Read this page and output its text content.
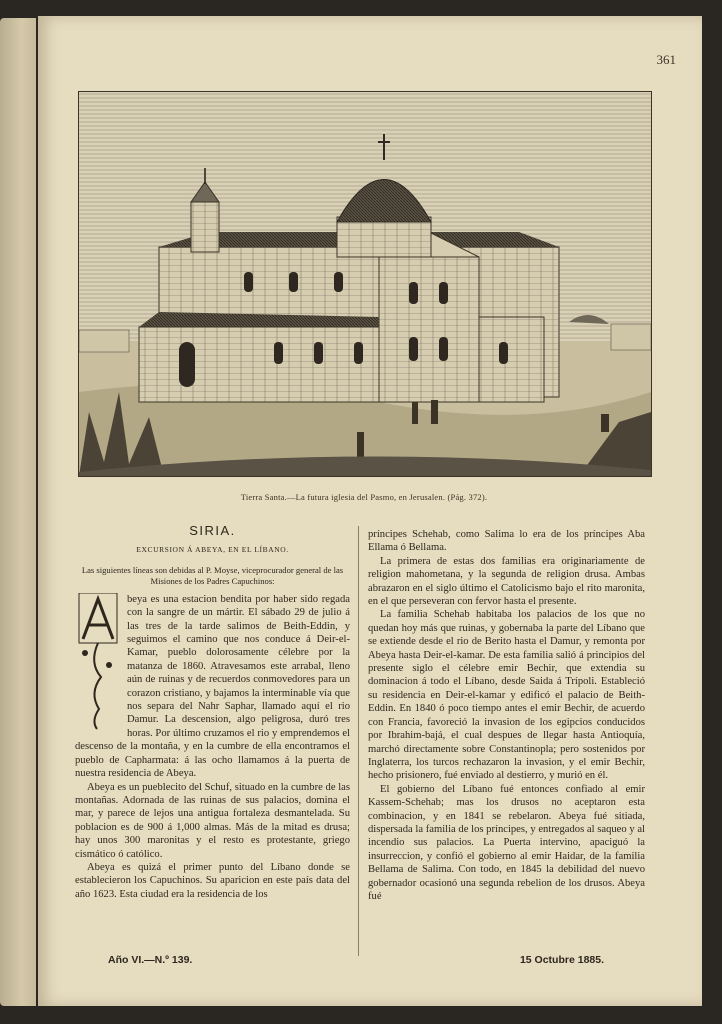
361
Tierra Santa.—La futura iglesia del Pasmo, en Jerusalen. (Pág. 372).
SIRIA.
EXCURSION Á ABEYA, EN EL LÍBANO.
Las siguientes líneas son debidas al P. Moyse, viceprocurador general de las Misiones de los Padres Capuchinos:
A

beya es una estacion bendita por haber sido regada con la sangre de un mártir. El sábado 29 de julio á las tres de la tarde salimos de Beith-Eddin, y seguimos el camino que nos conduce á Deir-el-Kamar, pueblo dolorosamente célebre por la matanza de 1860. Atravesamos este arrabal, lleno aún de ruinas y de recuerdos conmovedores para un corazon cristiano, y bajamos la interminable vía que nos separa del Nahr Saphar, llamado aquí el rio Damur. La descension, algo peligrosa, duró tres horas. Por último cruzamos el rio y emprendemos el descenso de la montaña, y en la cumbre de ella encontramos el pueblo de Capharmata: á las ocho llamamos á la puerta de nuestra residencia de Abeya.

Abeya es un pueblecito del Schuf, situado en la cumbre de las montañas. Adornada de las ruinas de sus palacios, domina el mar, y parece de lejos una antigua fortaleza desmantelada. Su poblacion es de 900 á 1,000 almas. Más de la mitad es drusa; hay unos 300 maronitas y el resto es protestante, griego cismático ó católico.

Abeya es quizá el primer punto del Líbano donde se establecieron los Capuchinos. Su aparicion en este país data del año 1623. Esta ciudad era la residencia de los

príncipes Schehab, como Salima lo era de los príncipes Aba Ellama ó Bellama.

La primera de estas dos familias era originariamente de religion mahometana, y la segunda de religion drusa. Ambas abrazaron en el siglo último el Catolicismo bajo el rito maronita, en el que perseveran con fervor hasta el presente.

La familia Schehab habitaba los palacios de los que no quedan hoy más que ruinas, y gobernaba la parte del Líbano que se extiende desde el rio de Berito hasta el Damur, y remonta por Abeya hasta Deir-el-kamar. De esta familia salió á principios del presente siglo el célebre emir Bechir, que extendia su dominacion á todo el Líbano, desde Saida á Trípoli. Estableció su residencia en Deir-el-kamar y edificó el palacio de Beith-Eddin. En 1840 ó poco tiempo antes el emir Bechir, de acuerdo con Francia, favoreció la invasion de los egipcios conducidos por Ibrahim-bajá, el cual despues de llegar hasta Antioquía, marchó directamente sobre Constantinopla; pero sostenidos por Inglaterra, los turcos rechazaron la invasion, y el emir Bechir, hecho prisionero, fué enviado al destierro, y murió en él.

El gobierno del Líbano fué entonces confiado al emir Kassem-Schehab; mas los drusos no aceptaron esta combinacion, y en 1841 se rebelaron. Abeya fué sitiada, dispersada la familia de los príncipes, y entregados al saqueo y al incendio sus palacios. La Puerta intervino, apaciguó la insurreccion, y confió el gobierno al emir Haidar, de la familia Bellama de Salima. Con todo, en 1845 la debilidad del nuevo gobernador ocasionó una segunda rebelion de los drusos. Abeya fué

Año VI.—N.º 139.	15 Octubre 1885.
